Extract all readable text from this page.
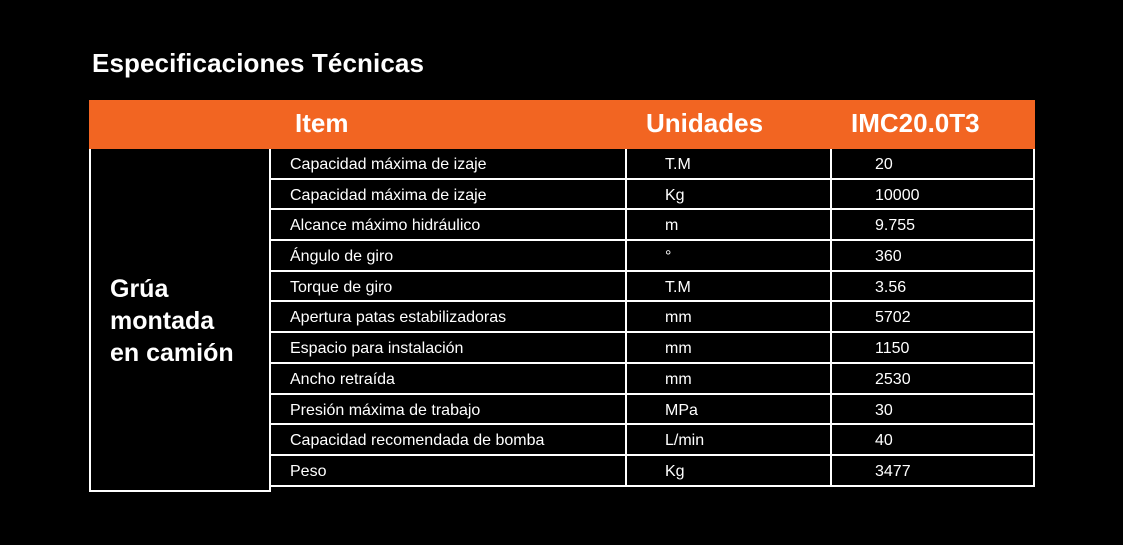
Especificaciones Técnicas
Item	Unidades	IMC20.0T3
Grúa
montada
en camión
Capacidad máxima de izaje	T.M	20
Capacidad máxima de izaje	Kg	10000
Alcance máximo hidráulico	m	9.755
Ángulo de giro	°	360
Torque de giro	T.M	3.56
Apertura patas estabilizadoras	mm	5702
Espacio para instalación	mm	1150
Ancho retraída	mm	2530
Presión máxima de trabajo	MPa	30
Capacidad recomendada de bomba	L/min	40
Peso	Kg	3477
